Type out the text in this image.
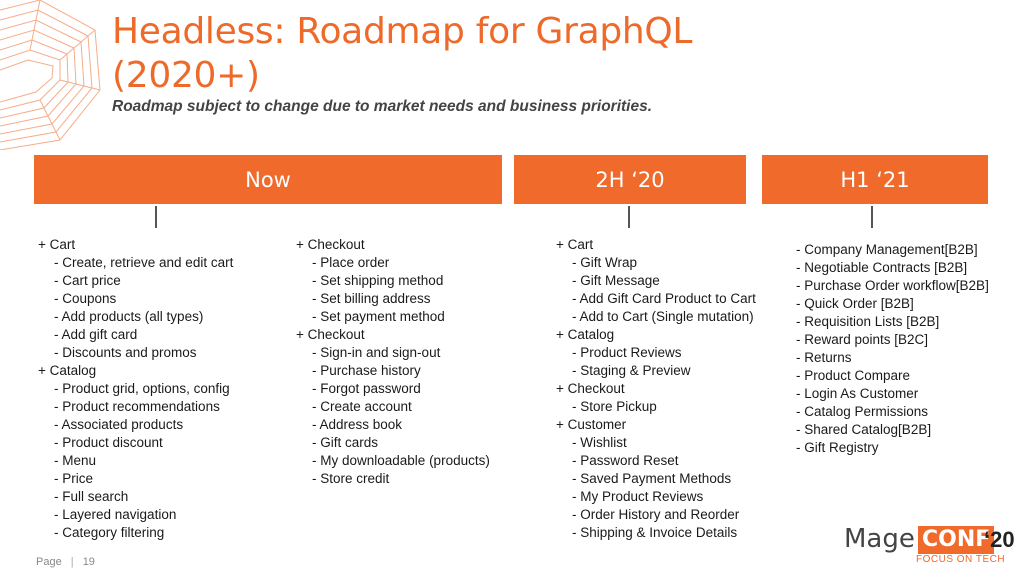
Headless: Roadmap for GraphQL (2020+)
Roadmap subject to change due to market needs and business priorities.
Now	2H ‘20	H1 ‘21
+ Cart
- Create, retrieve and edit cart
- Cart price
- Coupons
- Add products (all types)
- Add gift card
- Discounts and promos
+ Catalog
- Product grid, options, config
- Product recommendations
- Associated products
- Product discount
- Menu
- Price
- Full search
- Layered navigation
- Category filtering
+ Checkout
- Place order
- Set shipping method
- Set billing address
- Set payment method
+ Checkout
- Sign-in and sign-out
- Purchase history
- Forgot password
- Create account
- Address book
- Gift cards
- My downloadable (products)
- Store credit
+ Cart
- Gift Wrap
- Gift Message
- Add Gift Card Product to Cart
- Add to Cart (Single mutation)
+ Catalog
- Product Reviews
- Staging & Preview
+ Checkout
- Store Pickup
+ Customer
- Wishlist
- Password Reset
- Saved Payment Methods
- My Product Reviews
- Order History and Reorder
- Shipping & Invoice Details
- Company Management[B2B]
- Negotiable Contracts [B2B]
- Purchase Order workflow[B2B]
- Quick Order [B2B]
- Requisition Lists [B2B]
- Reward points [B2C]
- Returns
- Product Compare
- Login As Customer
- Catalog Permissions
- Shared Catalog[B2B]
- Gift Registry
Page | 19
Mage CONF
‘20
FOCUS ON TECH
